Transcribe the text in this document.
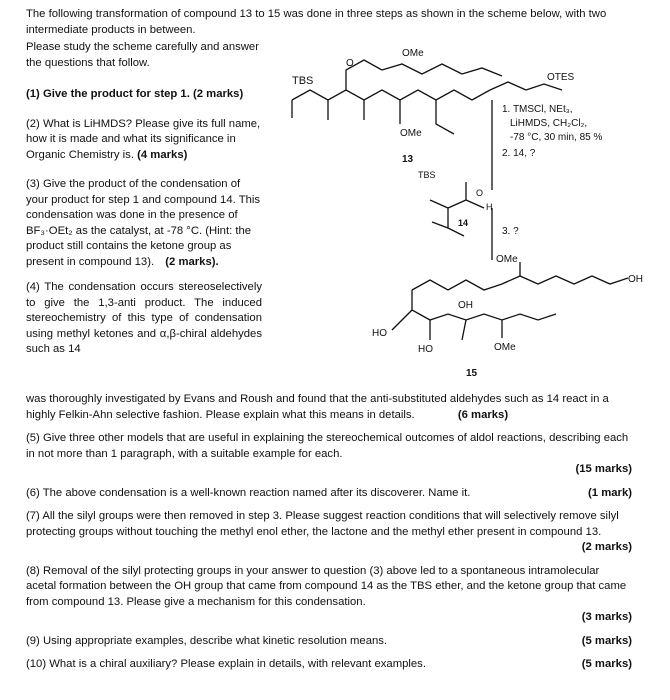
The following transformation of compound 13 to 15 was done in three steps as shown in the scheme below, with two intermediate products in between.

Please study the scheme carefully and answer the questions that follow.

(1) Give the product for step 1. (2 marks)

(2) What is LiHMDS? Please give its full name, how it is made and what its significance in Organic Chemistry is. (4 marks)

(3) Give the product of the condensation of your product for step 1 and compound 14. This condensation was done in the presence of BF₃·OEt₂ as the catalyst, at -78 °C. (Hint: the product still contains the ketone group as present in compound 13). (2 marks).

(4) The condensation occurs stereoselectively to give the 1,3-anti product. The induced stereochemistry of this type of condensation using methyl ketones and α,β-chiral aldehydes such as 14

TBS
O
OMe
OMe
OTES
13
1. TMSCl, NEt₃,
LiHMDS, CH₂Cl₂,
-78 °C, 30 min, 85 %
2. 14, ?
TBS
O
H
14
3. ?
OMe
OH
OH
HO
HO	OMe
15
was thoroughly investigated by Evans and Roush and found that the anti-substituted aldehydes such as 14 react in a highly Felkin-Ahn selective fashion. Please explain what this means in details.	(6 marks)
(5) Give three other models that are useful in explaining the stereochemical outcomes of aldol reactions, describing each in not more than 1 paragraph, with a suitable example for each.
(15 marks)
(6) The above condensation is a well-known reaction named after its discoverer. Name it.	(1 mark)
(7) All the silyl groups were then removed in step 3. Please suggest reaction conditions that will selectively remove silyl protecting groups without touching the methyl enol ether, the lactone and the methyl ether present in compound 13.
(2 marks)
(8) Removal of the silyl protecting groups in your answer to question (3) above led to a spontaneous intramolecular acetal formation between the OH group that came from compound 14 as the TBS ether, and the ketone group that came from compound 13. Please give a mechanism for this condensation.
(3 marks)
(9) Using appropriate examples, describe what kinetic resolution means.	(5 marks)
(10) What is a chiral auxiliary? Please explain in details, with relevant examples.	(5 marks)
